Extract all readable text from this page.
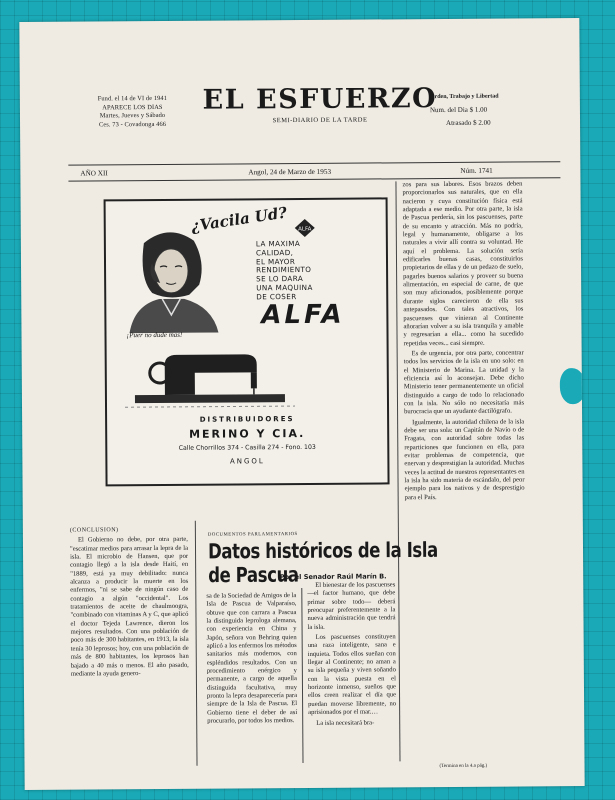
Fund. el 14 de VI de 1941
APARECE LOS DIAS
Martes, Jueves y Sábado
Ces. 73 - Covadonga 466
EL ESFUERZO
SEMI-DIARIO DE LA TARDE
Orden, Trabajo y Libertad
Num. del Dia $ 1.00
Atrasado $ 2.00
AÑO XII	Angol, 24 de Marzo de 1953	Núm. 1741
¿Vacila Ud? ALFA
LA MAXIMA
CALIDAD,
EL MAYOR
RENDIMIENTO
SE LO DARA
UNA MAQUINA
DE COSER
ALFA
¡Puer no dude mas!
DISTRIBUIDORES
MERINO Y CIA.
Calle Chorrillos 374 - Casilla 274 - Fono. 103
ANGOL

(CONCLUSION)

El Gobierno no debe, por otra parte, "escatimar medios para arrasar la lepra de la isla. El microbio de Hansen, que por contagio llegó a la isla desde Haití, en "1889, está ya muy debilitado: nunca alcanza a producir la muerte en los enfermos, "ni se sabe de ningún caso de contagio a algún "occidental". Los tratamientos de aceite de chaulmoogra, "combinado con vitaminas A y C, que aplicó el doctor Tejeda Lawrence, dieron los mejores resultados. Con una población de poco más de 300 habitantes, en 1913, la isla tenía 30 leprosos; hoy, con una población de más de 800 habitantes, los leprosos han bajado a 40 más o menos. El año pasado, mediante la ayuda genero-

DOCUMENTOS PARLAMENTARIOS
Datos históricos de la Isla de Pascua
Por el Senador Raúl Marín B.

sa de la Sociedad de Amigos de la Isla de Pascua de Valparaíso, obtuve que con carrara a Pascua la distinguida leprologa alemana, con experiencia en China y Japón, señora von Behring quien aplicó a los enfermos los métodos sanitarios más modernos, con espléndidos resultados. Con un procedimiento enérgico y permanente, a cargo de aquella distinguida facultativa, muy pronto la lepra desaparecería para siempre de la Isla de Pascua. El Gobierno tiene el deber de así procurarlo, por todos los medios.

El bienestar de los pascuenses —el factor humano, que debe primar sobre todo— deberá preocupar preferentemente a la nueva administración que tendrá la isla.

Los pascuenses constituyen una raza inteligente, sana e inquieta. Todos ellos sueñan con llegar al Continente; no aman a su isla pequeña y viven soñando con la vista puesta en el horizonte inmenso, sueños que ellos creen realizar el día que puedan moverse libremente, no aprisionados por el mar.…

La isla necesitará bra-

zos para sus labores. Esos brazos deben proporcionarlos sus naturales, que en ella nacieron y cuya constitución física está adaptada a ese medio. Por otra parte, la isla de Pascua perdería, sin los pascuenses, parte de su encanto y atracción. Más no podría, legal y humanamente, obligarse a los naturales a vivir allí contra su voluntad. He aquí el problema. La solución sería edificarles buenas casas, constituirlos propietarios de ellas y de un pedazo de suelo, pagarles buenos salarios y proveer su buena alimentación, en especial de carne, de que son muy aficionados, posiblemente porque durante siglos carecieron de ella sus antepasados. Con tales atractivos, los pascuenses que vinieran al Continente añorarían volver a su isla tranquila y amable y regresarían a ella... como ha sucedido repetidas veces... casi siempre.

Es de urgencia, por otra parte, concentrar todos los servicios de la isla en uno solo: en el Ministerio de Marina. La unidad y la eficiencia así lo aconsejan. Debe dicho Ministerio tener permanentemente un oficial distinguido a cargo de todo lo relacionado con la isla. No sólo no necesitaría más burocracia que un ayudante dactilógrafo.

Igualmente, la autoridad chilena de la isla debe ser una sola: un Capitán de Navío o de Fragata, con autoridad sobre todas las reparticiones que funcionen en ella, para evitar problemas de competencia, que enervan y desprestigian la autoridad. Muchas veces la actitud de nuestros representantes en la isla ha sido materia de escándalo, del peor ejemplo para los nativos y de desprestigio para el País.

(Termina en la 4.a pág.)
